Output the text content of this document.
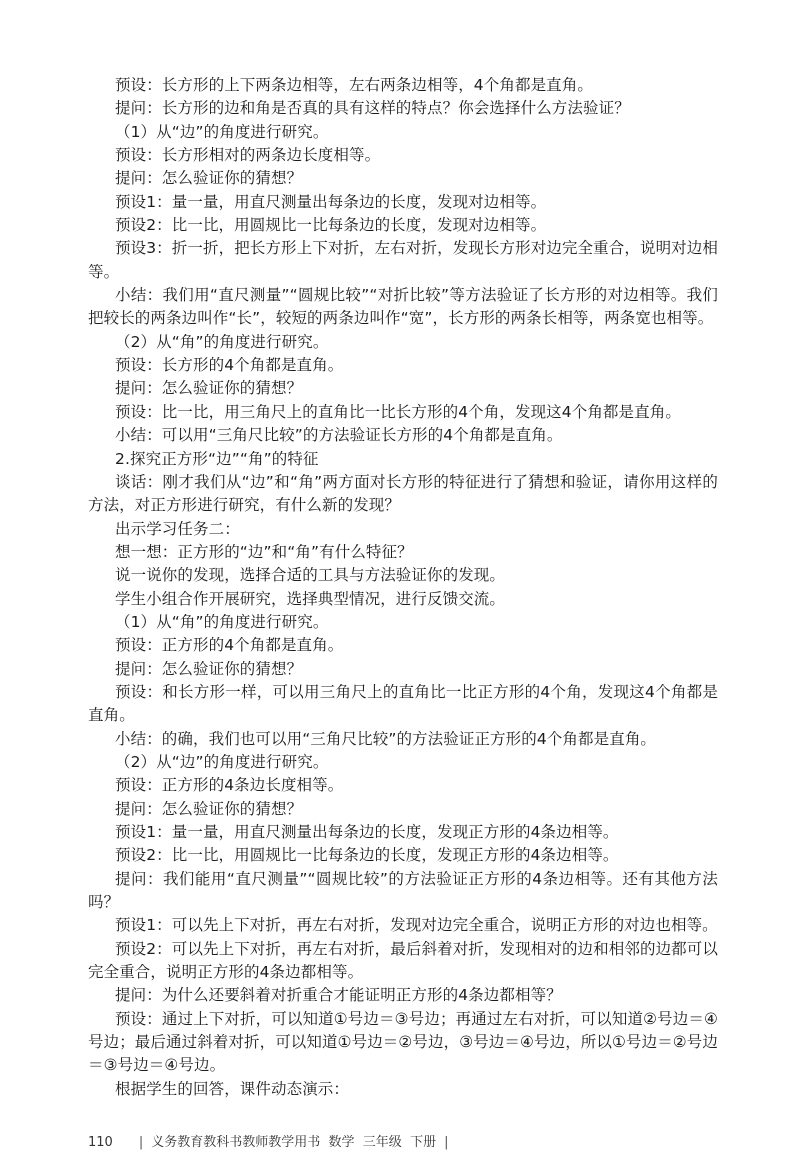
预设：长方形的上下两条边相等，左右两条边相等，4个角都是直角。

提问：长方形的边和角是否真的具有这样的特点？你会选择什么方法验证？

（1）从“边”的角度进行研究。

预设：长方形相对的两条边长度相等。

提问：怎么验证你的猜想？

预设1：量一量，用直尺测量出每条边的长度，发现对边相等。

预设2：比一比，用圆规比一比每条边的长度，发现对边相等。

预设3：折一折，把长方形上下对折，左右对折，发现长方形对边完全重合，说明对边相等。

小结：我们用“直尺测量”“圆规比较”“对折比较”等方法验证了长方形的对边相等。我们把较长的两条边叫作“长”，较短的两条边叫作“宽”，长方形的两条长相等，两条宽也相等。

（2）从“角”的角度进行研究。

预设：长方形的4个角都是直角。

提问：怎么验证你的猜想？

预设：比一比，用三角尺上的直角比一比长方形的4个角，发现这4个角都是直角。

小结：可以用“三角尺比较”的方法验证长方形的4个角都是直角。

2.探究正方形“边”“角”的特征

谈话：刚才我们从“边”和“角”两方面对长方形的特征进行了猜想和验证，请你用这样的方法，对正方形进行研究，有什么新的发现？

出示学习任务二：

想一想：正方形的“边”和“角”有什么特征？

说一说你的发现，选择合适的工具与方法验证你的发现。

学生小组合作开展研究，选择典型情况，进行反馈交流。

（1）从“角”的角度进行研究。

预设：正方形的4个角都是直角。

提问：怎么验证你的猜想？

预设：和长方形一样，可以用三角尺上的直角比一比正方形的4个角，发现这4个角都是直角。

小结：的确，我们也可以用“三角尺比较”的方法验证正方形的4个角都是直角。

（2）从“边”的角度进行研究。

预设：正方形的4条边长度相等。

提问：怎么验证你的猜想？

预设1：量一量，用直尺测量出每条边的长度，发现正方形的4条边相等。

预设2：比一比，用圆规比一比每条边的长度，发现正方形的4条边相等。

提问：我们能用“直尺测量”“圆规比较”的方法验证正方形的4条边相等。还有其他方法吗？

预设1：可以先上下对折，再左右对折，发现对边完全重合，说明正方形的对边也相等。

预设2：可以先上下对折，再左右对折，最后斜着对折，发现相对的边和相邻的边都可以完全重合，说明正方形的4条边都相等。

提问：为什么还要斜着对折重合才能证明正方形的4条边都相等？

预设：通过上下对折，可以知道①号边＝③号边；再通过左右对折，可以知道②号边＝④号边；最后通过斜着对折，可以知道①号边＝②号边，③号边＝④号边，所以①号边＝②号边＝③号边＝④号边。

根据学生的回答，课件动态演示：

110 | 义务教育教科书教师教学用书 数学 三年级 下册 |
